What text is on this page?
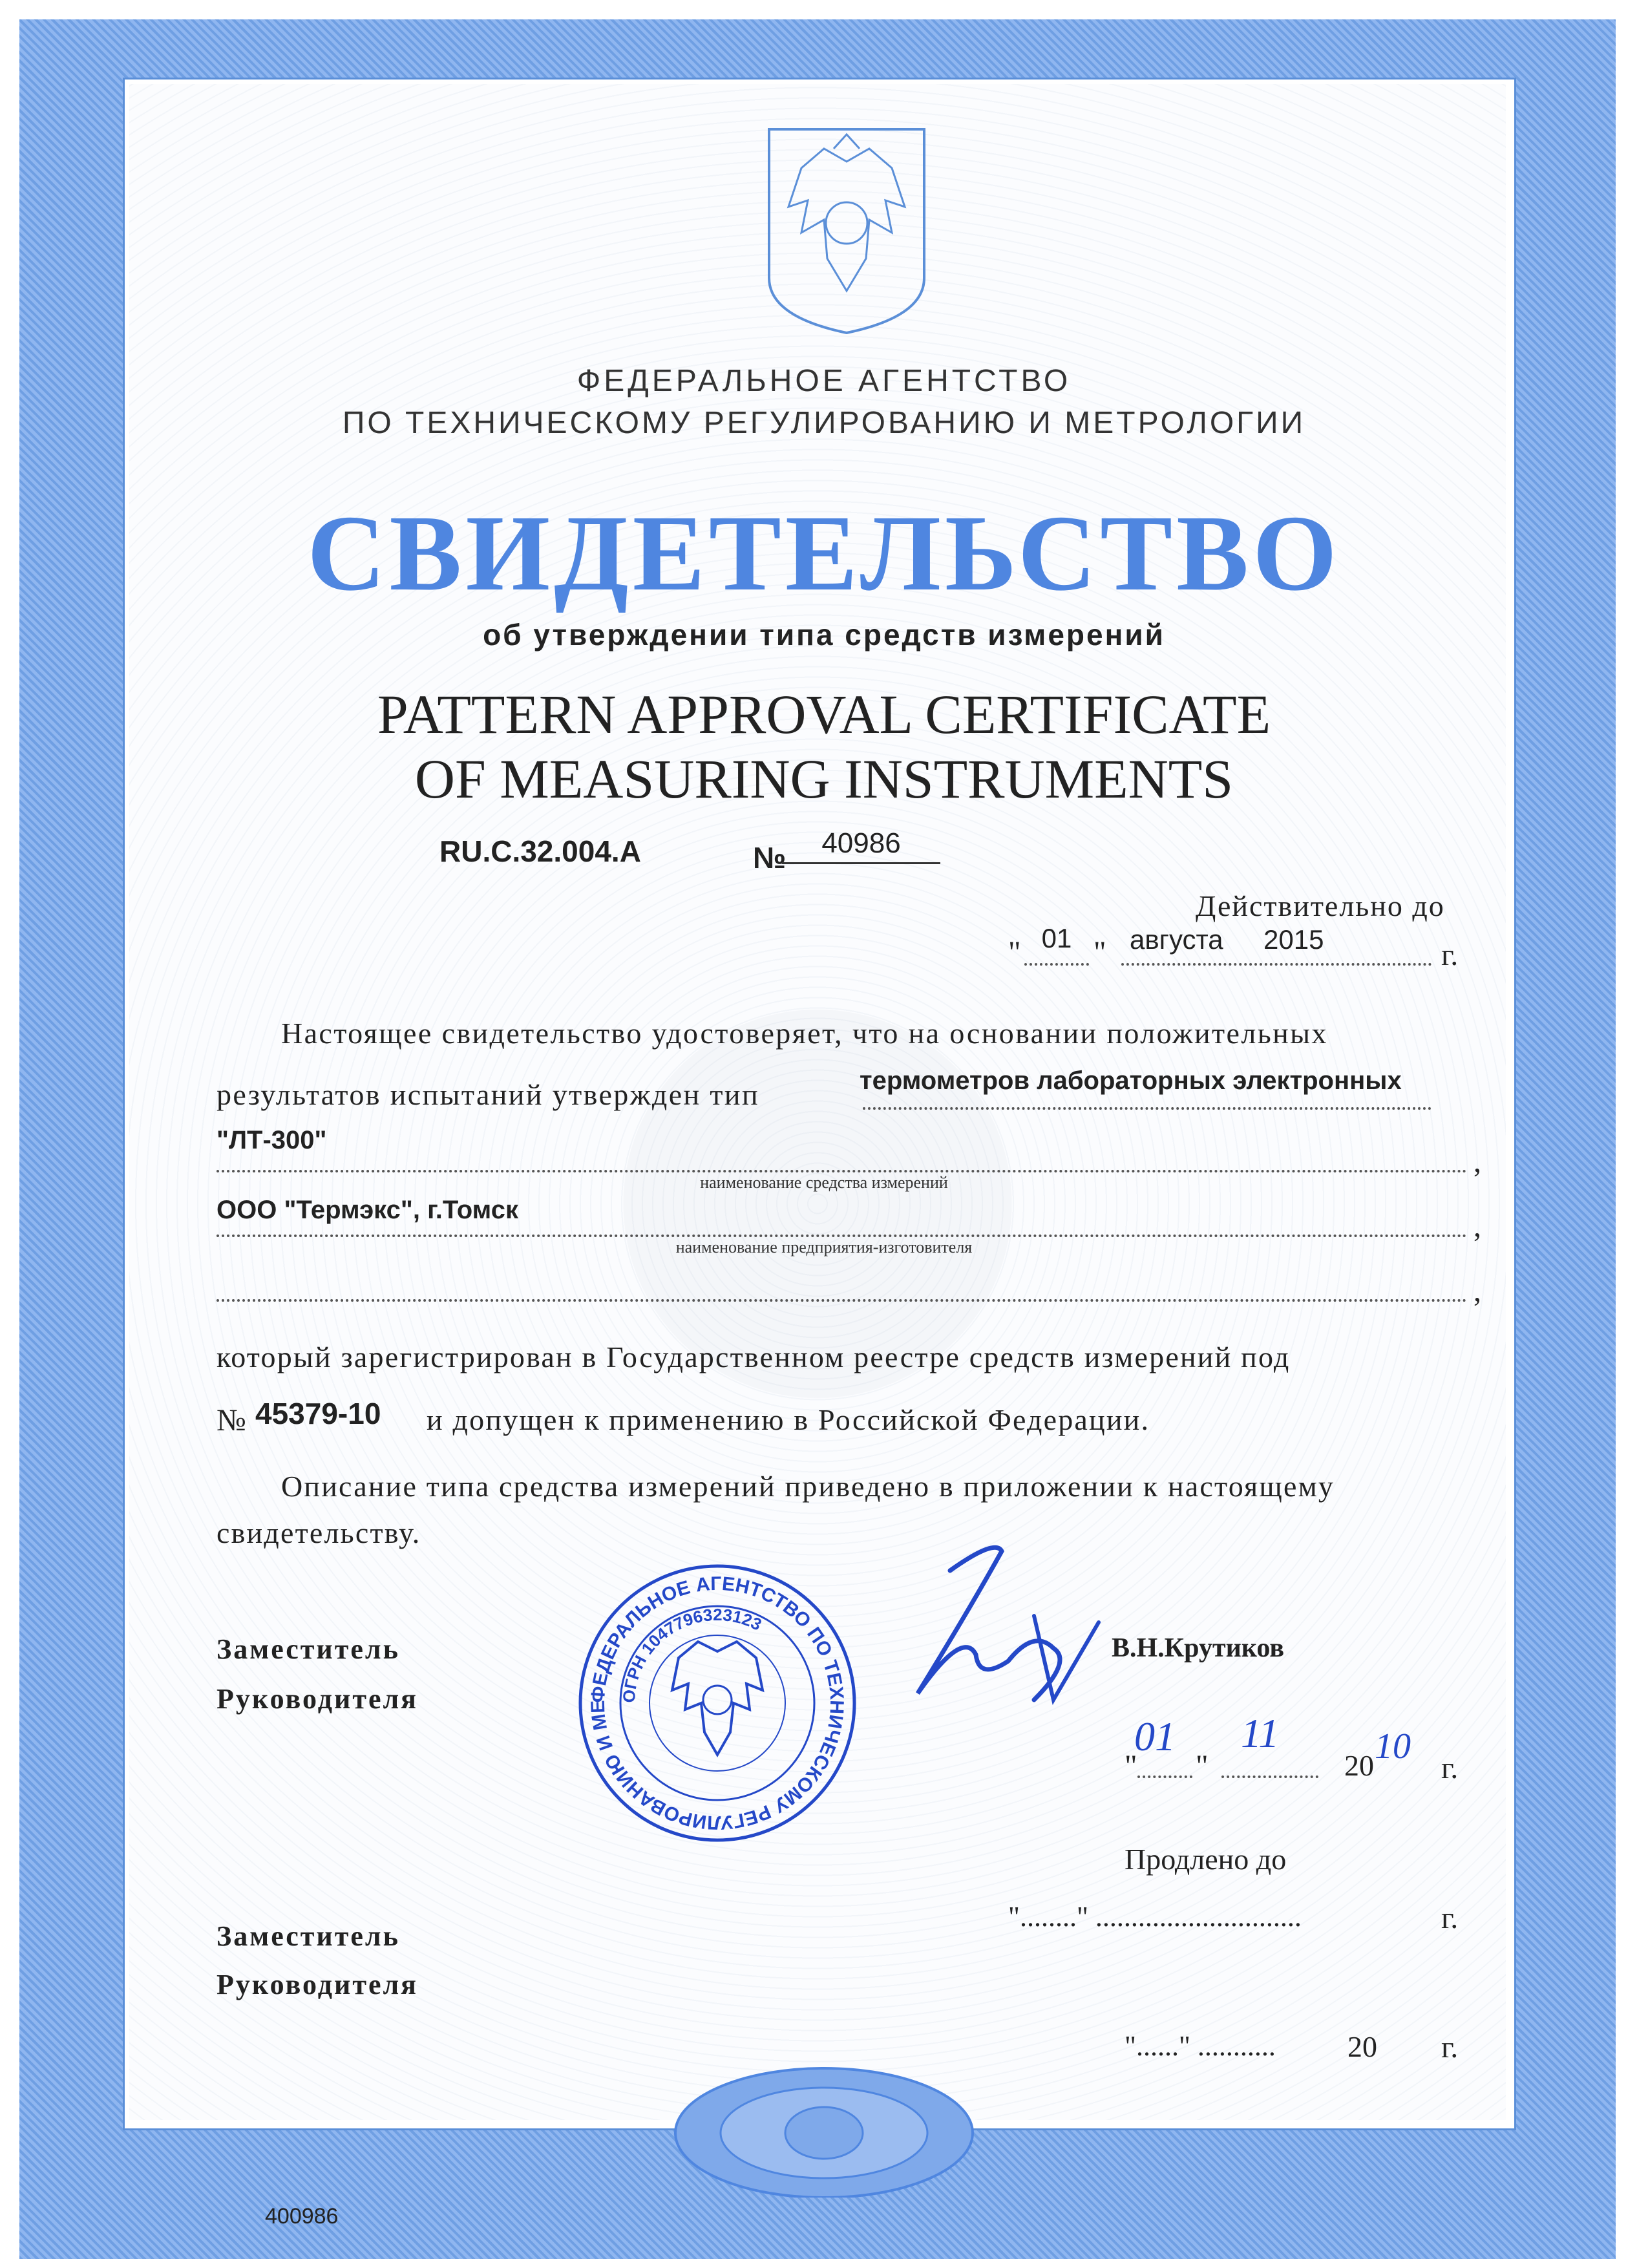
ФЕДЕРАЛЬНОЕ АГЕНТСТВО
ПО ТЕХНИЧЕСКОМУ РЕГУЛИРОВАНИЮ И МЕТРОЛОГИИ
СВИДЕТЕЛЬСТВО
об утверждении типа средств измерений
PATTERN APPROVAL CERTIFICATE
OF MEASURING INSTRUMENTS
RU.C.32.004.A	№	40986
Действительно до
" 01 " августа 2015	г.
Настоящее свидетельство удостоверяет, что на основании положительных
результатов испытаний утвержден тип	термометров лабораторных электронных
"ЛТ-300"
,
наименование средства измерений
ООО "Термэкс", г.Томск	,
наименование предприятия-изготовителя
,
который зарегистрирован в Государственном реестре средств измерений под
№ 45379-10 и допущен к применению в Российской Федерации.
Описание типа средства измерений приведено в приложении к настоящему
свидетельству.
Заместитель
Руководителя
В.Н.Крутиков
"
01
"
11
20 10
г.
ФЕДЕРАЛЬНОЕ АГЕНТСТВО ПО ТЕХНИЧЕСКОМУ РЕГУЛИРОВАНИЮ И МЕ
ОГРН 1047796323123
Продлено до
"........" .............................	г.
Заместитель
Руководителя
"......" ........... 20 г.
400986
